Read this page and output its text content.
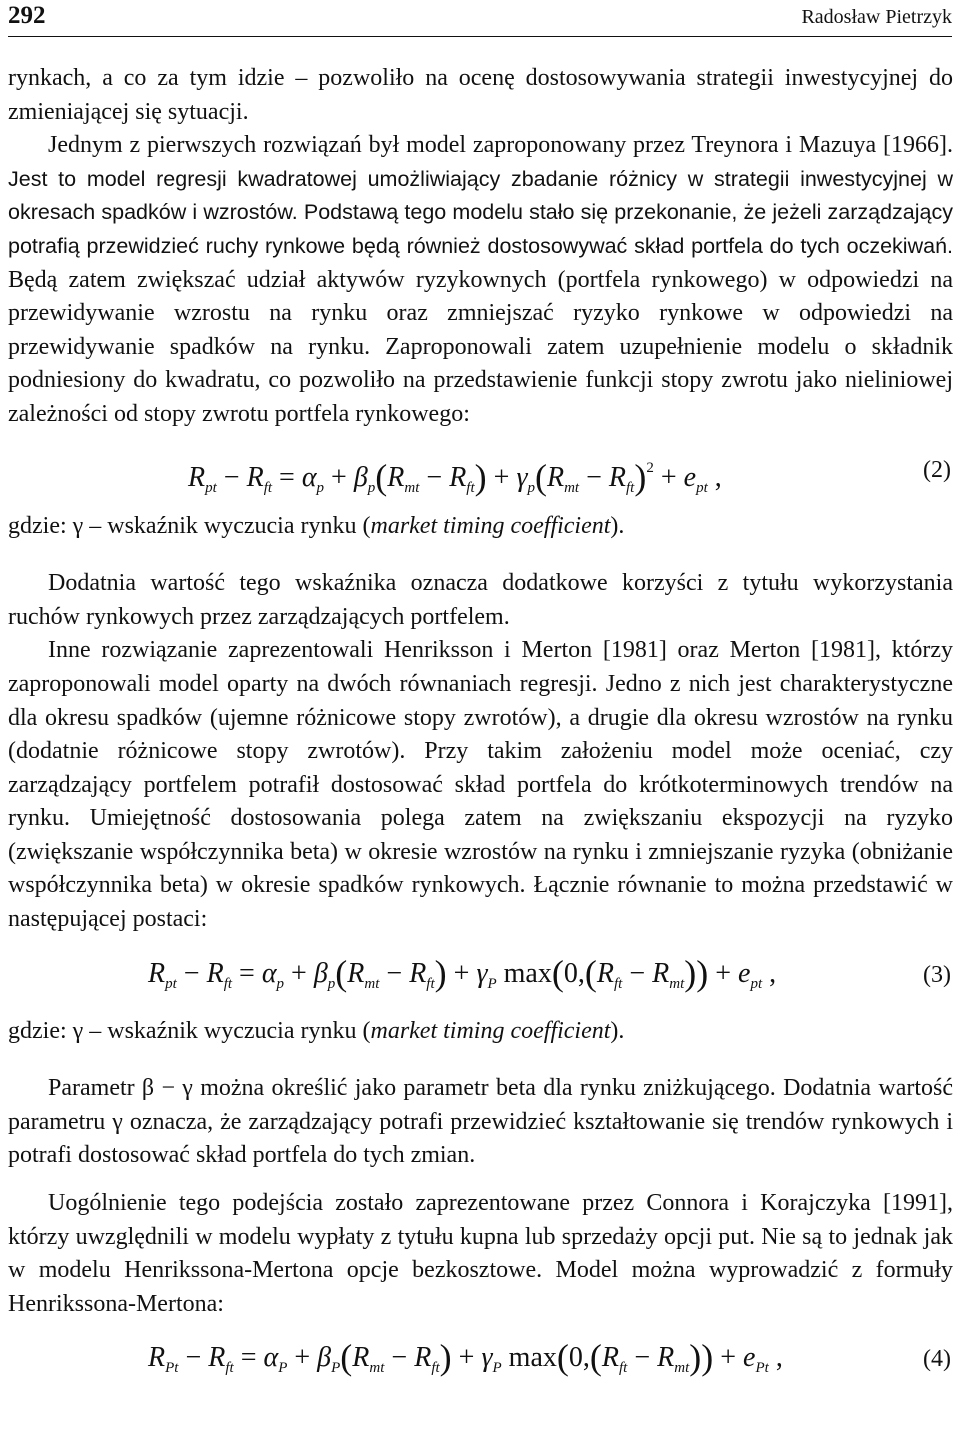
292	Radosław Pietrzyk

rynkach, a co za tym idzie – pozwoliło na ocenę dostosowywania strategii inwestycyjnej do zmieniającej się sytuacji.

Jednym z pierwszych rozwiązań był model zaproponowany przez Treynora i Mazuya [1966]. Jest to model regresji kwadratowej umożliwiający zbadanie różnicy w strategii inwestycyjnej w okresach spadków i wzrostów. Podstawą tego modelu stało się przekonanie, że jeżeli zarządzający potrafią przewidzieć ruchy rynkowe będą również dostosowywać skład portfela do tych oczekiwań. Będą zatem zwiększać udział aktywów ryzykownych (portfela rynkowego) w odpowiedzi na przewidywanie wzrostu na rynku oraz zmniejszać ryzyko rynkowe w odpowiedzi na przewidywanie spadków na rynku. Zaproponowali zatem uzupełnienie modelu o składnik podniesiony do kwadratu, co pozwoliło na przedstawienie funkcji stopy zwrotu jako nieliniowej zależności od stopy zwrotu portfela rynkowego:

$R_{pt} - R_{ft} = \alpha_p + \beta_p(R_{mt} - R_{ft}) + \gamma_p(R_{mt} - R_{ft})^2 + e_{pt}$ ,	(2)

gdzie: γ – wskaźnik wyczucia rynku (market timing coefficient).

Dodatnia wartość tego wskaźnika oznacza dodatkowe korzyści z tytułu wykorzystania ruchów rynkowych przez zarządzających portfelem.

Inne rozwiązanie zaprezentowali Henriksson i Merton [1981] oraz Merton [1981], którzy zaproponowali model oparty na dwóch równaniach regresji. Jedno z nich jest charakterystyczne dla okresu spadków (ujemne różnicowe stopy zwrotów), a drugie dla okresu wzrostów na rynku (dodatnie różnicowe stopy zwrotów). Przy takim założeniu model może oceniać, czy zarządzający portfelem potrafił dostosować skład portfela do krótkoterminowych trendów na rynku. Umiejętność dostosowania polega zatem na zwiększaniu ekspozycji na ryzyko (zwiększanie współczynnika beta) w okresie wzrostów na rynku i zmniejszanie ryzyka (obniżanie współczynnika beta) w okresie spadków rynkowych. Łącznie równanie to można przedstawić w następującej postaci:

$R_{pt} - R_{ft} = \alpha_p + \beta_p(R_{mt} - R_{ft}) + \gamma_P$ $\max(0,(R_{ft} - R_{mt})) + e_{pt}$ ,	(3)

gdzie: γ – wskaźnik wyczucia rynku (market timing coefficient).

Parametr β − γ można określić jako parametr beta dla rynku zniżkującego. Dodatnia wartość parametru γ oznacza, że zarządzający potrafi przewidzieć kształtowanie się trendów rynkowych i potrafi dostosować skład portfela do tych zmian.

Uogólnienie tego podejścia zostało zaprezentowane przez Connora i Korajczyka [1991], którzy uwzględnili w modelu wypłaty z tytułu kupna lub sprzedaży opcji put. Nie są to jednak jak w modelu Henrikssona-Mertona opcje bezkosztowe. Model można wyprowadzić z formuły Henrikssona-Mertona:

$R_{Pt} - R_{ft} = \alpha_P + \beta_P(R_{mt} - R_{ft}) + \gamma_P$ $\max(0,(R_{ft} - R_{mt})) + e_{Pt}$ ,	(4)
